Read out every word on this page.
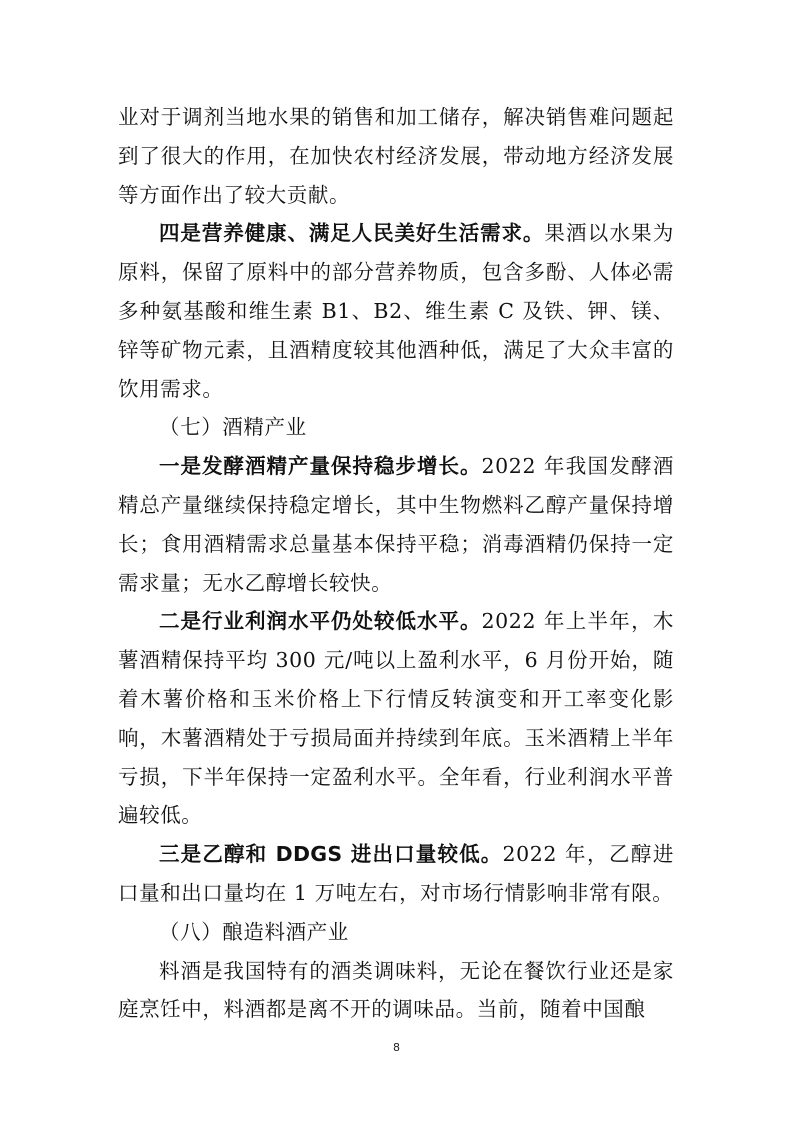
业对于调剂当地水果的销售和加工储存，解决销售难问题起到了很大的作用，在加快农村经济发展，带动地方经济发展等方面作出了较大贡献。

四是营养健康、满足人民美好生活需求。果酒以水果为原料，保留了原料中的部分营养物质，包含多酚、人体必需多种氨基酸和维生素 B1、B2、维生素 C 及铁、钾、镁、锌等矿物元素，且酒精度较其他酒种低，满足了大众丰富的饮用需求。

（七）酒精产业

一是发酵酒精产量保持稳步增长。2022 年我国发酵酒精总产量继续保持稳定增长，其中生物燃料乙醇产量保持增长；食用酒精需求总量基本保持平稳；消毒酒精仍保持一定需求量；无水乙醇增长较快。

二是行业利润水平仍处较低水平。2022 年上半年，木薯酒精保持平均 300 元/吨以上盈利水平，6 月份开始，随着木薯价格和玉米价格上下行情反转演变和开工率变化影响，木薯酒精处于亏损局面并持续到年底。玉米酒精上半年亏损，下半年保持一定盈利水平。全年看，行业利润水平普遍较低。

三是乙醇和 DDGS 进出口量较低。2022 年，乙醇进口量和出口量均在 1 万吨左右，对市场行情影响非常有限。

（八）酿造料酒产业

料酒是我国特有的酒类调味料，无论在餐饮行业还是家庭烹饪中，料酒都是离不开的调味品。当前，随着中国酿

8
